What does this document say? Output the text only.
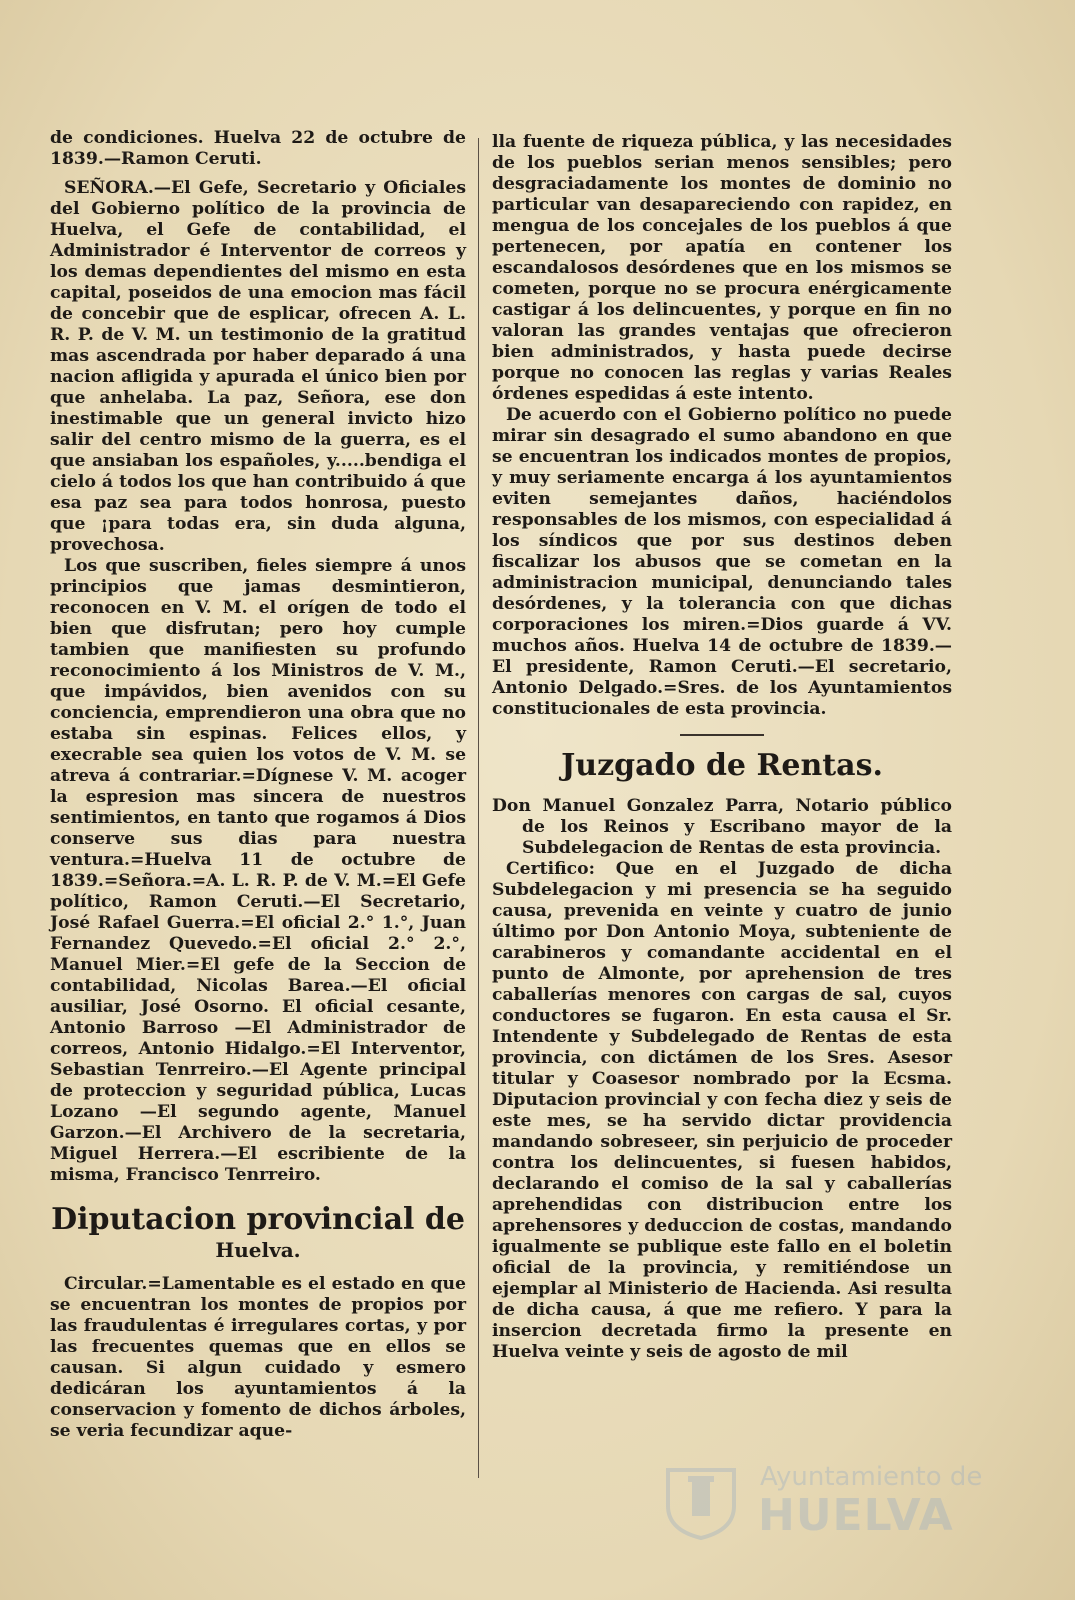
de condiciones. Huelva 22 de octubre de 1839.—Ramon Ceruti.

SEÑORA.—El Gefe, Secretario y Oficiales del Gobierno político de la provincia de Huelva, el Gefe de contabilidad, el Administrador é Interventor de correos y los demas dependientes del mismo en esta capital, poseidos de una emocion mas fácil de concebir que de esplicar, ofrecen A. L. R. P. de V. M. un testimonio de la gratitud mas ascendrada por haber deparado á una nacion afligida y apurada el único bien por que anhelaba. La paz, Señora, ese don inestimable que un general invicto hizo salir del centro mismo de la guerra, es el que ansiaban los españoles, y.....bendiga el cielo á todos los que han contribuido á que esa paz sea para todos honrosa, puesto que ¡para todas era, sin duda alguna, provechosa.

Los que suscriben, fieles siempre á unos principios que jamas desmintieron, reconocen en V. M. el orígen de todo el bien que disfrutan; pero hoy cumple tambien que manifiesten su profundo reconocimiento á los Ministros de V. M., que impávidos, bien avenidos con su conciencia, emprendieron una obra que no estaba sin espinas. Felices ellos, y execrable sea quien los votos de V. M. se atreva á contrariar.=Dígnese V. M. acoger la espresion mas sincera de nuestros sentimientos, en tanto que rogamos á Dios conserve sus dias para nuestra ventura.=Huelva 11 de octubre de 1839.=Señora.=A. L. R. P. de V. M.=El Gefe político, Ramon Ceruti.—El Secretario, José Rafael Guerra.=El oficial 2.° 1.°, Juan Fernandez Quevedo.=El oficial 2.° 2.°, Manuel Mier.=El gefe de la Seccion de contabilidad, Nicolas Barea.—El oficial ausiliar, José Osorno. El oficial cesante, Antonio Barroso —El Administrador de correos, Antonio Hidalgo.=El Interventor, Sebastian Tenrreiro.—El Agente principal de proteccion y seguridad pública, Lucas Lozano —El segundo agente, Manuel Garzon.—El Archivero de la secretaria, Miguel Herrera.—El escribiente de la misma, Francisco Tenrreiro.

Diputacion provincial de
Huelva.

Circular.=Lamentable es el estado en que se encuentran los montes de propios por las fraudulentas é irregulares cortas, y por las frecuentes quemas que en ellos se causan. Si algun cuidado y esmero dedicáran los ayuntamientos á la conservacion y fomento de dichos árboles, se veria fecundizar aque-

lla fuente de riqueza pública, y las necesidades de los pueblos serian menos sensibles; pero desgraciadamente los montes de dominio no particular van desapareciendo con rapidez, en mengua de los concejales de los pueblos á que pertenecen, por apatía en contener los escandalosos desórdenes que en los mismos se cometen, porque no se procura enérgicamente castigar á los delincuentes, y porque en fin no valoran las grandes ventajas que ofrecieron bien administrados, y hasta puede decirse porque no conocen las reglas y varias Reales órdenes espedidas á este intento.

De acuerdo con el Gobierno político no puede mirar sin desagrado el sumo abandono en que se encuentran los indicados montes de propios, y muy seriamente encarga á los ayuntamientos eviten semejantes daños, haciéndolos responsables de los mismos, con especialidad á los síndicos que por sus destinos deben fiscalizar los abusos que se cometan en la administracion municipal, denunciando tales desórdenes, y la tolerancia con que dichas corporaciones los miren.=Dios guarde á VV. muchos años. Huelva 14 de octubre de 1839.—El presidente, Ramon Ceruti.—El secretario, Antonio Delgado.=Sres. de los Ayuntamientos constitucionales de esta provincia.

Juzgado de Rentas.

Don Manuel Gonzalez Parra, Notario público de los Reinos y Escribano mayor de la Subdelegacion de Rentas de esta provincia.

Certifico: Que en el Juzgado de dicha Subdelegacion y mi presencia se ha seguido causa, prevenida en veinte y cuatro de junio último por Don Antonio Moya, subteniente de carabineros y comandante accidental en el punto de Almonte, por aprehension de tres caballerías menores con cargas de sal, cuyos conductores se fugaron. En esta causa el Sr. Intendente y Subdelegado de Rentas de esta provincia, con dictámen de los Sres. Asesor titular y Coasesor nombrado por la Ecsma. Diputacion provincial y con fecha diez y seis de este mes, se ha servido dictar providencia mandando sobreseer, sin perjuicio de proceder contra los delincuentes, si fuesen habidos, declarando el comiso de la sal y caballerías aprehendidas con distribucion entre los aprehensores y deduccion de costas, mandando igualmente se publique este fallo en el boletin oficial de la provincia, y remitiéndose un ejemplar al Ministerio de Hacienda. Asi resulta de dicha causa, á que me refiero. Y para la insercion decretada firmo la presente en Huelva veinte y seis de agosto de mil

Ayuntamiento de
HUELVA
